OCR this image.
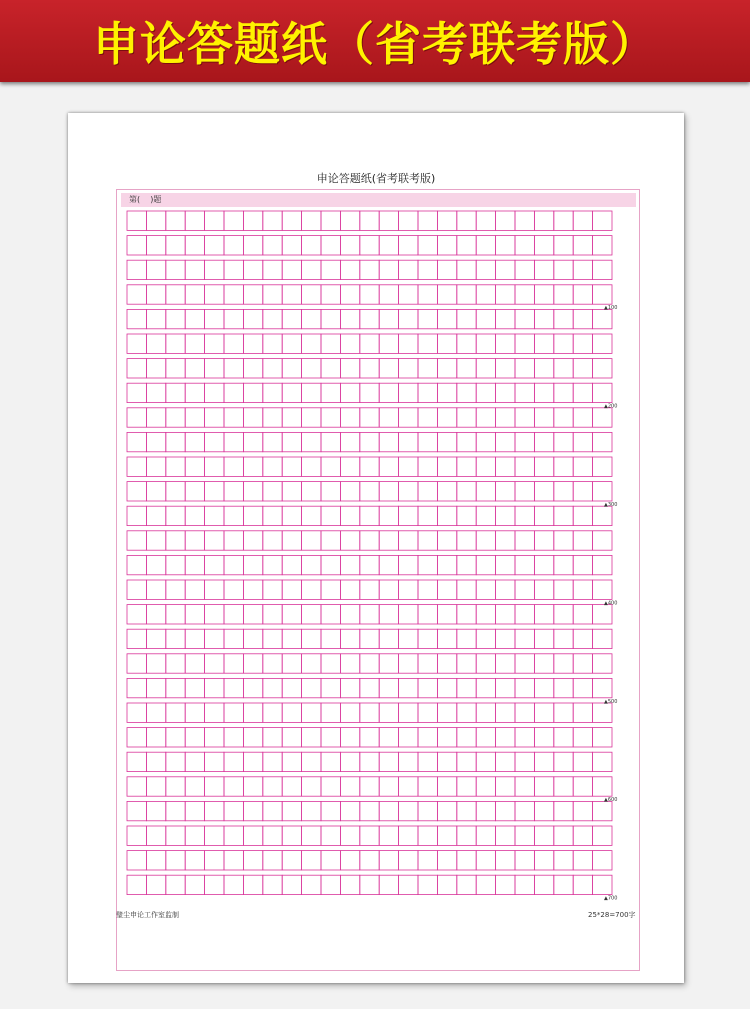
申论答题纸（省考联考版）
申论答题纸(省考联考版)
第(    )题
▲100
▲200
▲300
▲400
▲500
▲600
▲700
璧尘申论工作室监制	25*28=700字
